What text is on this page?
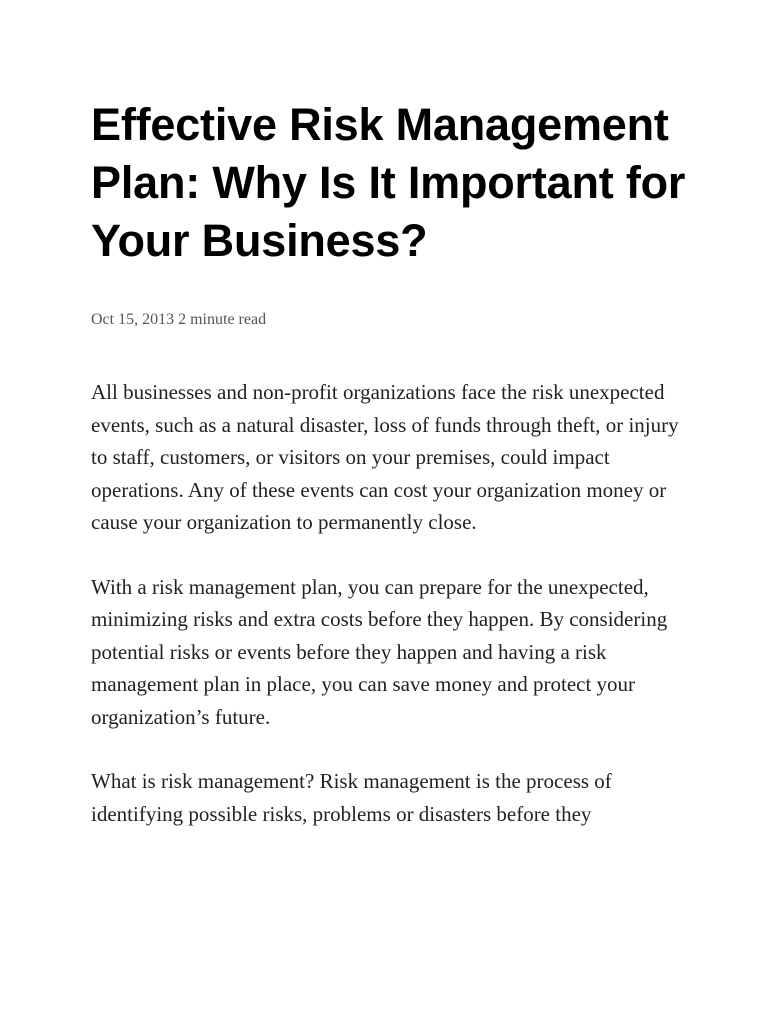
Effective Risk Management Plan: Why Is It Important for Your Business?
Oct 15, 2013 2 minute read

All businesses and non-profit organizations face the risk unexpected events, such as a natural disaster, loss of funds through theft, or injury to staff, customers, or visitors on your premises, could impact operations. Any of these events can cost your organization money or cause your organization to permanently close.

With a risk management plan, you can prepare for the unexpected, minimizing risks and extra costs before they happen. By considering potential risks or events before they happen and having a risk management plan in place, you can save money and protect your organization’s future.

What is risk management? Risk management is the process of identifying possible risks, problems or disasters before they
